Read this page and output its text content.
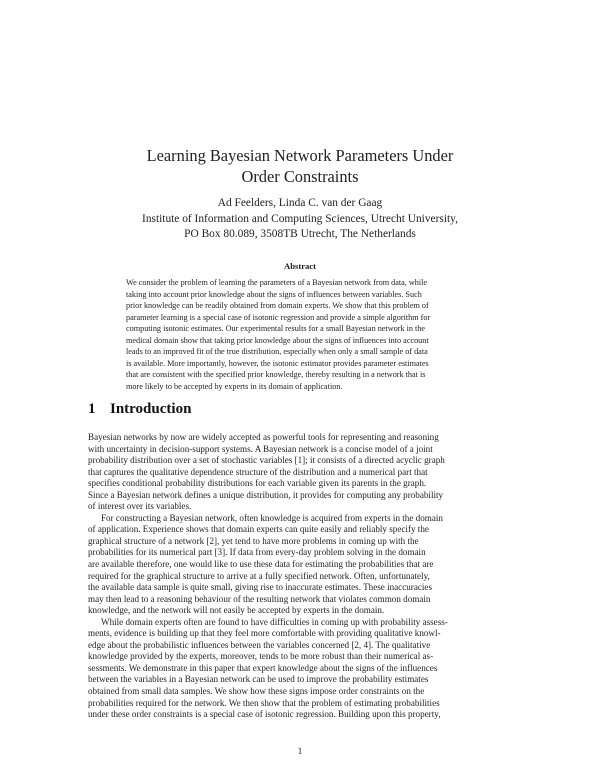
Learning Bayesian Network Parameters Under
Order Constraints
Ad Feelders, Linda C. van der Gaag
Institute of Information and Computing Sciences, Utrecht University,
PO Box 80.089, 3508TB Utrecht, The Netherlands
Abstract
We consider the problem of learning the parameters of a Bayesian network from data, while
taking into account prior knowledge about the signs of influences between variables. Such
prior knowledge can be readily obtained from domain experts. We show that this problem of
parameter learning is a special case of isotonic regression and provide a simple algorithm for
computing isotonic estimates. Our experimental results for a small Bayesian network in the
medical domain show that taking prior knowledge about the signs of influences into account
leads to an improved fit of the true distribution, especially when only a small sample of data
is available. More importantly, however, the isotonic estimator provides parameter estimates
that are consistent with the specified prior knowledge, thereby resulting in a network that is
more likely to be accepted by experts in its domain of application.
1 Introduction
Bayesian networks by now are widely accepted as powerful tools for representing and reasoning
with uncertainty in decision-support systems. A Bayesian network is a concise model of a joint
probability distribution over a set of stochastic variables [1]; it consists of a directed acyclic graph
that captures the qualitative dependence structure of the distribution and a numerical part that
specifies conditional probability distributions for each variable given its parents in the graph.
Since a Bayesian network defines a unique distribution, it provides for computing any probability
of interest over its variables.
For constructing a Bayesian network, often knowledge is acquired from experts in the domain
of application. Experience shows that domain experts can quite easily and reliably specify the
graphical structure of a network [2], yet tend to have more problems in coming up with the
probabilities for its numerical part [3]. If data from every-day problem solving in the domain
are available therefore, one would like to use these data for estimating the probabilities that are
required for the graphical structure to arrive at a fully specified network. Often, unfortunately,
the available data sample is quite small, giving rise to inaccurate estimates. These inaccuracies
may then lead to a reasoning behaviour of the resulting network that violates common domain
knowledge, and the network will not easily be accepted by experts in the domain.
While domain experts often are found to have difficulties in coming up with probability assess-
ments, evidence is building up that they feel more comfortable with providing qualitative knowl-
edge about the probabilistic influences between the variables concerned [2, 4]. The qualitative
knowledge provided by the experts, moreover, tends to be more robust than their numerical as-
sessments. We demonstrate in this paper that expert knowledge about the signs of the influences
between the variables in a Bayesian network can be used to improve the probability estimates
obtained from small data samples. We show how these signs impose order constraints on the
probabilities required for the network. We then show that the problem of estimating probabilities
under these order constraints is a special case of isotonic regression. Building upon this property,
1
